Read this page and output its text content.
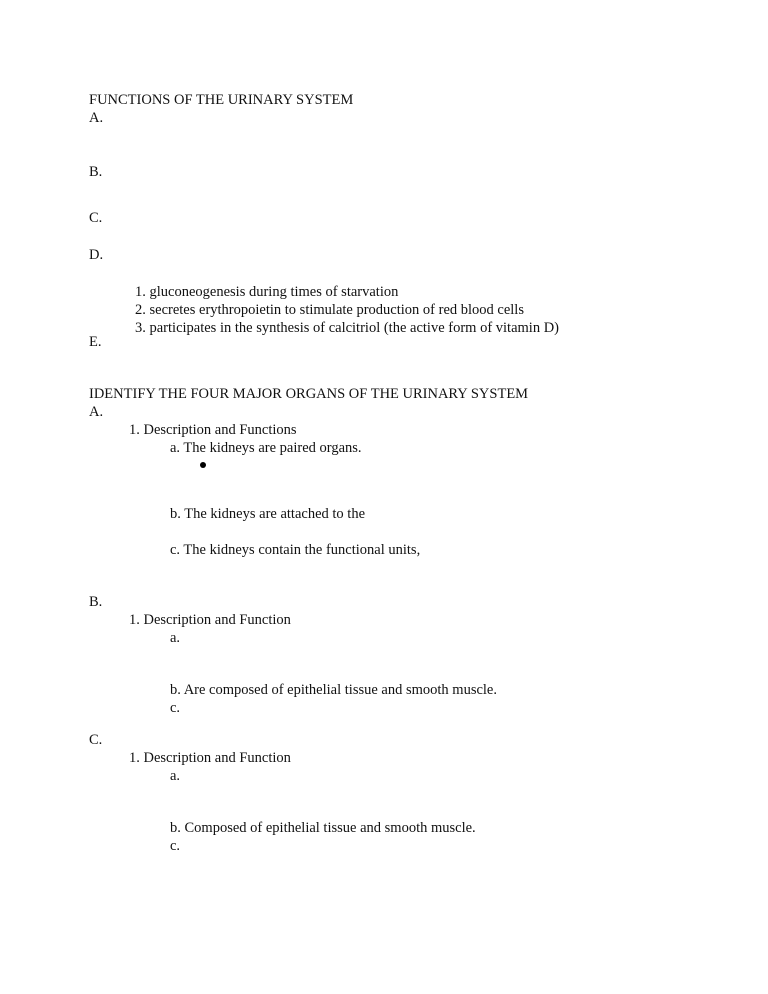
FUNCTIONS OF THE URINARY SYSTEM
A.
B.
C.
D.
1. gluconeogenesis during times of starvation
2. secretes erythropoietin to stimulate production of red blood cells
3. participates in the synthesis of calcitriol (the active form of vitamin D)
E.
IDENTIFY THE FOUR MAJOR ORGANS OF THE URINARY SYSTEM
A.
1. Description and Functions
a. The kidneys are paired organs.
b. The kidneys are attached to the
c. The kidneys contain the functional units,
B.
1. Description and Function
a.
b. Are composed of epithelial tissue and smooth muscle.
c.
C.
1. Description and Function
a.
b. Composed of epithelial tissue and smooth muscle.
c.
